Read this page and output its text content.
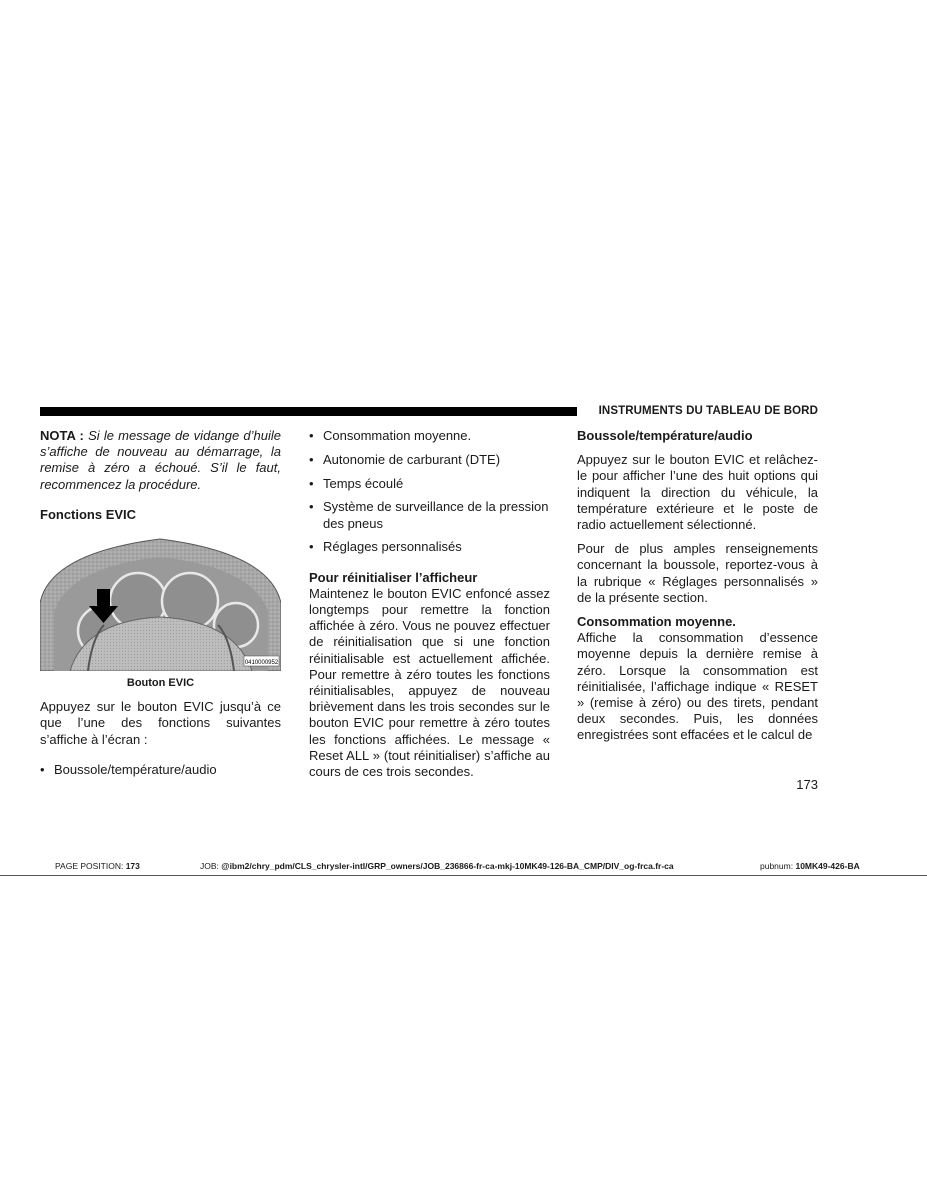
INSTRUMENTS DU TABLEAU DE BORD

NOTA : Si le message de vidange d’huile s’affiche de nouveau au démarrage, la remise à zéro a échoué. S’il le faut, recommencez la procédure.

Fonctions EVIC

0410000952

Bouton EVIC

Appuyez sur le bouton EVIC jusqu’à ce que l’une des fonctions suivantes s’affiche à l’écran :

• Boussole/température/audio
• Consommation moyenne.
• Autonomie de carburant (DTE)
• Temps écoulé
• Système de surveillance de la pression des pneus
• Réglages personnalisés

Pour réinitialiser l’afficheur

Maintenez le bouton EVIC enfoncé assez longtemps pour remettre la fonction affichée à zéro. Vous ne pouvez effectuer de réinitialisation que si une fonction réinitialisable est actuellement affichée. Pour remettre à zéro toutes les fonctions réinitialisables, appuyez de nouveau brièvement dans les trois secondes sur le bouton EVIC pour remettre à zéro toutes les fonctions affichées. Le message « Reset ALL » (tout réinitialiser) s’affiche au cours de ces trois secondes.

Boussole/température/audio

Appuyez sur le bouton EVIC et relâchez-le pour afficher l’une des huit options qui indiquent la direction du véhicule, la température extérieure et le poste de radio actuellement sélectionné.

Pour de plus amples renseignements concernant la boussole, reportez-vous à la rubrique « Réglages personnalisés » de la présente section.

Consommation moyenne.

Affiche la consommation d’essence moyenne depuis la dernière remise à zéro. Lorsque la consommation est réinitialisée, l’affichage indique « RESET » (remise à zéro) ou des tirets, pendant deux secondes. Puis, les données enregistrées sont effacées et le calcul de

173
PAGE POSITION: 173	JOB: @ibm2/chry_pdm/CLS_chrysler-intl/GRP_owners/JOB_236866-fr-ca-mkj-10MK49-126-BA_CMP/DIV_og-frca.fr-ca	pubnum: 10MK49-426-BA
